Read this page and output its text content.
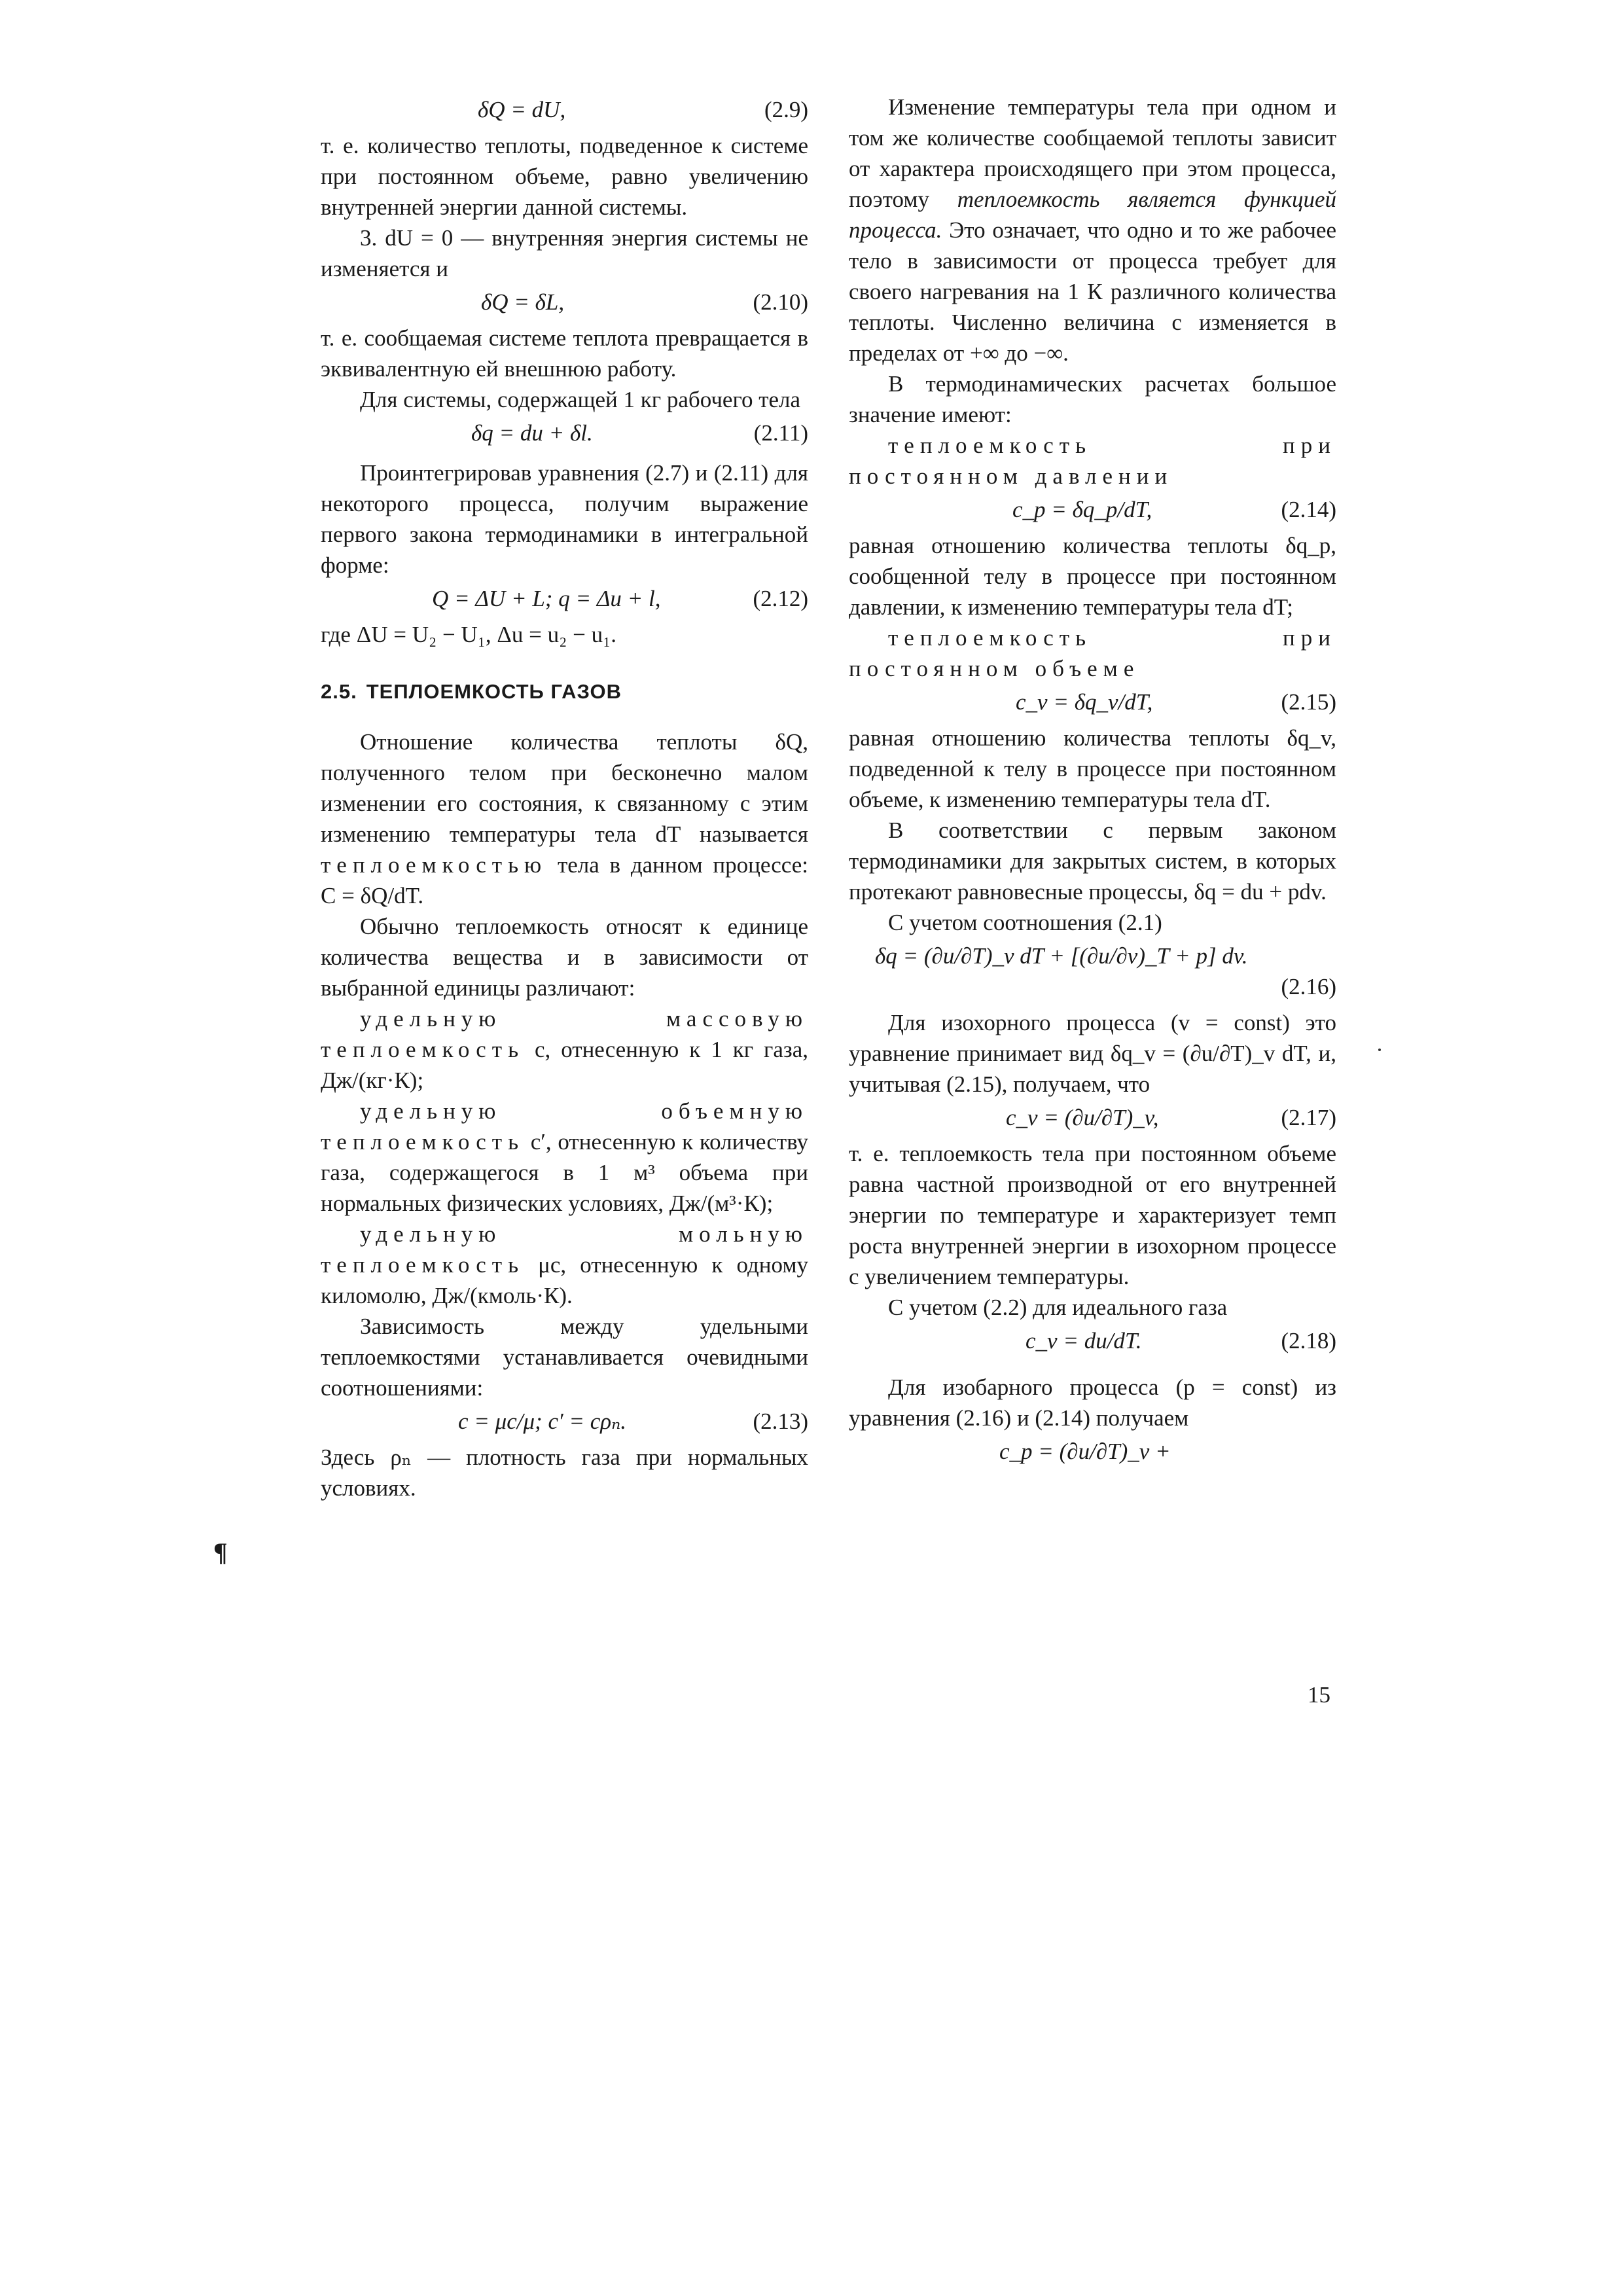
δQ = dU,	(2.9)

т. е. количество теплоты, подведенное к системе при постоянном объеме, равно увеличению внутренней энергии данной системы.

3. dU = 0 — внутренняя энергия системы не изменяется и

δQ = δL,	(2.10)

т. е. сообщаемая системе теплота превращается в эквивалентную ей внешнюю работу.

Для системы, содержащей 1 кг рабочего тела

δq = du + δl.	(2.11)

Проинтегрировав уравнения (2.7) и (2.11) для некоторого процесса, получим выражение первого закона термодинамики в интегральной форме:

Q = ΔU + L; q = Δu + l,	(2.12)

где ΔU = U₂ − U₁, Δu = u₂ − u₁.

2.5. ТЕПЛОЕМКОСТЬ ГАЗОВ

Отношение количества теплоты δQ, полученного телом при бесконечно малом изменении его состояния, к связанному с этим изменению температуры тела dT называется теплоемкостью тела в данном процессе: C = δQ/dT.

Обычно теплоемкость относят к единице количества вещества и в зависимости от выбранной единицы различают:

удельную массовую теплоемкость c, отнесенную к 1 кг газа, Дж/(кг·К);

удельную объемную теплоемкость c′, отнесенную к количеству газа, содержащегося в 1 м³ объема при нормальных физических условиях, Дж/(м³·К);

удельную мольную теплоемкость μc, отнесенную к одному киломолю, Дж/(кмоль·К).

Зависимость между удельными теплоемкостями устанавливается очевидными соотношениями:

c = μc/μ; c′ = cρₙ.	(2.13)

Здесь ρₙ — плотность газа при нормальных условиях.

Изменение температуры тела при одном и том же количестве сообщаемой теплоты зависит от характера происходящего при этом процесса, поэтому теплоемкость является функцией процесса. Это означает, что одно и то же рабочее тело в зависимости от процесса требует для своего нагревания на 1 К различного количества теплоты. Численно величина c изменяется в пределах от +∞ до −∞.

В термодинамических расчетах большое значение имеют:

теплоемкость при постоянном давлении

c_p = δq_p/dT,	(2.14)

равная отношению количества теплоты δq_p, сообщенной телу в процессе при постоянном давлении, к изменению температуры тела dT;

теплоемкость при постоянном объеме

c_v = δq_v/dT,	(2.15)

равная отношению количества теплоты δq_v, подведенной к телу в процессе при постоянном объеме, к изменению температуры тела dT.

В соответствии с первым законом термодинамики для закрытых систем, в которых протекают равновесные процессы, δq = du + pdv.

С учетом соотношения (2.1)

δq = (∂u/∂T)_v dT + [(∂u/∂v)_T + p] dv.
(2.16)

Для изохорного процесса (v = const) это уравнение принимает вид δq_v = (∂u/∂T)_v dT, и, учитывая (2.15), получаем, что

c_v = (∂u/∂T)_v,	(2.17)

т. е. теплоемкость тела при постоянном объеме равна частной производной от его внутренней энергии по температуре и характеризует темп роста внутренней энергии в изохорном процессе с увеличением температуры.

С учетом (2.2) для идеального газа

c_v = du/dT.	(2.18)

Для изобарного процесса (p = const) из уравнения (2.16) и (2.14) получаем

c_p = (∂u/∂T)_v +
15
¶
